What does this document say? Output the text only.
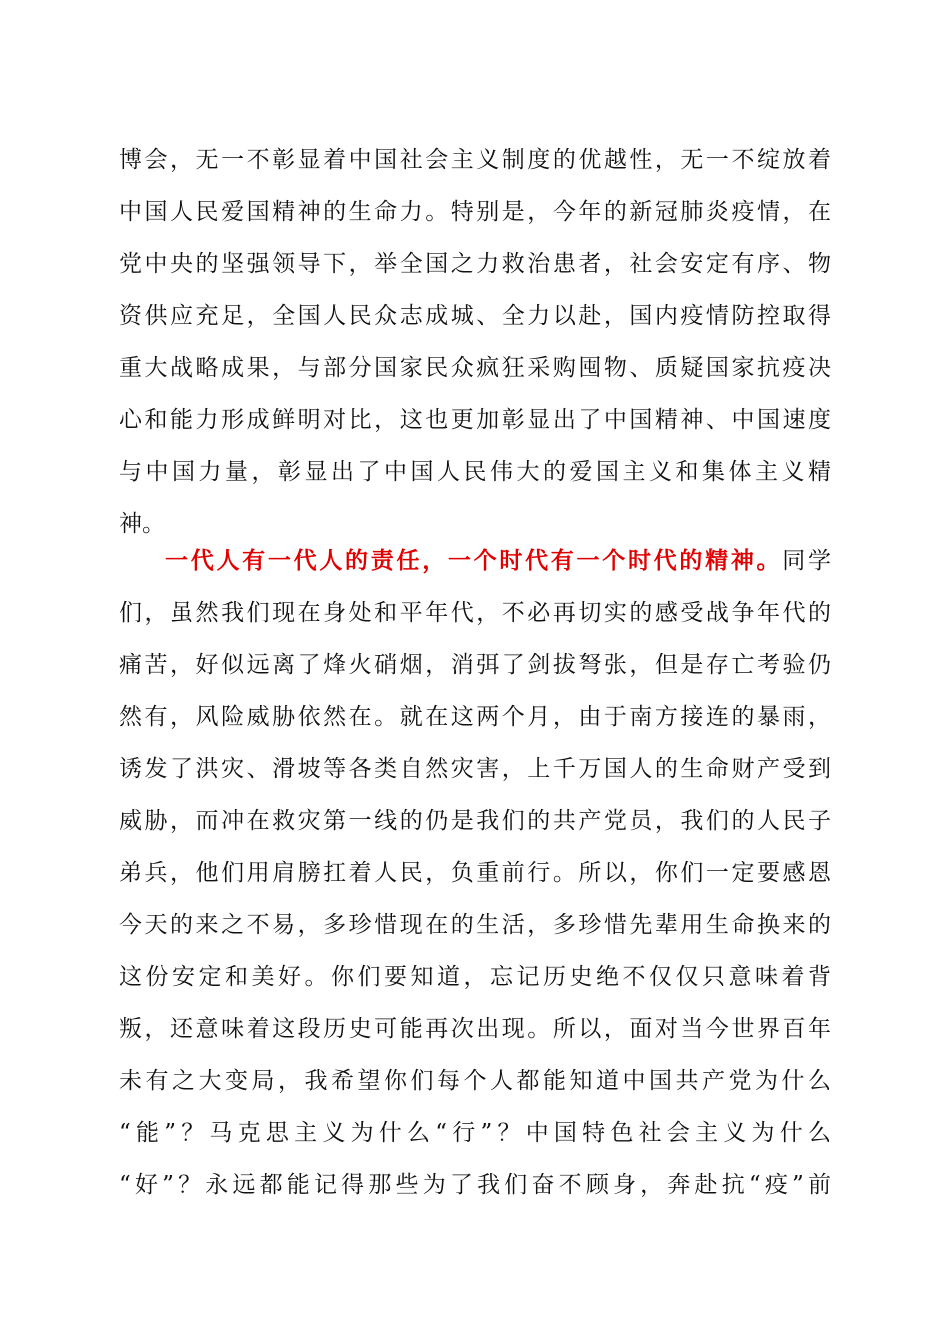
博会，无一不彰显着中国社会主义制度的优越性，无一不绽放着
中国人民爱国精神的生命力。特别是，今年的新冠肺炎疫情，在
党中央的坚强领导下，举全国之力救治患者，社会安定有序、物
资供应充足，全国人民众志成城、全力以赴，国内疫情防控取得
重大战略成果，与部分国家民众疯狂采购囤物、质疑国家抗疫决
心和能力形成鲜明对比，这也更加彰显出了中国精神、中国速度
与中国力量，彰显出了中国人民伟大的爱国主义和集体主义精
神。
一代人有一代人的责任，一个时代有一个时代的精神。同学
们，虽然我们现在身处和平年代，不必再切实的感受战争年代的
痛苦，好似远离了烽火硝烟，消弭了剑拔弩张，但是存亡考验仍
然有，风险威胁依然在。就在这两个月，由于南方接连的暴雨，
诱发了洪灾、滑坡等各类自然灾害，上千万国人的生命财产受到
威胁，而冲在救灾第一线的仍是我们的共产党员，我们的人民子
弟兵，他们用肩膀扛着人民，负重前行。所以，你们一定要感恩
今天的来之不易，多珍惜现在的生活，多珍惜先辈用生命换来的
这份安定和美好。你们要知道，忘记历史绝不仅仅只意味着背
叛，还意味着这段历史可能再次出现。所以，面对当今世界百年
未有之大变局，我希望你们每个人都能知道中国共产党为什么
“能”？马克思主义为什么“行”？中国特色社会主义为什么
“好”？永远都能记得那些为了我们奋不顾身，奔赴抗“疫”前
